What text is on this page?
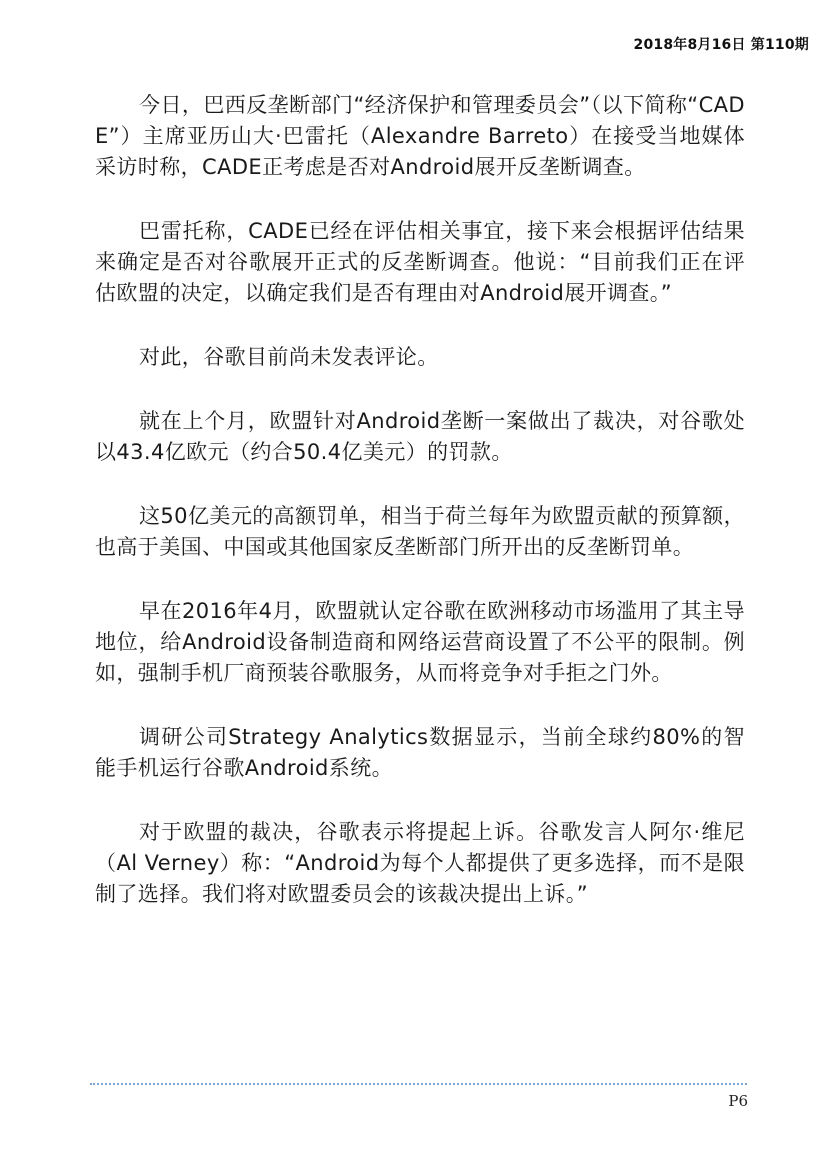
2018年8月16日 第110期

今日，巴西反垄断部门“经济保护和管理委员会”（以下简称“CADE”）主席亚历山大·巴雷托（Alexandre Barreto）在接受当地媒体采访时称，CADE正考虑是否对Android展开反垄断调查。

巴雷托称，CADE已经在评估相关事宜，接下来会根据评估结果来确定是否对谷歌展开正式的反垄断调查。他说：“目前我们正在评估欧盟的决定，以确定我们是否有理由对Android展开调查。”

对此，谷歌目前尚未发表评论。

就在上个月，欧盟针对Android垄断一案做出了裁决，对谷歌处以43.4亿欧元（约合50.4亿美元）的罚款。

这50亿美元的高额罚单，相当于荷兰每年为欧盟贡献的预算额，也高于美国、中国或其他国家反垄断部门所开出的反垄断罚单。

早在2016年4月，欧盟就认定谷歌在欧洲移动市场滥用了其主导地位，给Android设备制造商和网络运营商设置了不公平的限制。例如，强制手机厂商预装谷歌服务，从而将竞争对手拒之门外。

调研公司Strategy Analytics数据显示，当前全球约80%的智能手机运行谷歌Android系统。

对于欧盟的裁决，谷歌表示将提起上诉。谷歌发言人阿尔·维尼（Al Verney）称：“Android为每个人都提供了更多选择，而不是限制了选择。我们将对欧盟委员会的该裁决提出上诉。”

P6
